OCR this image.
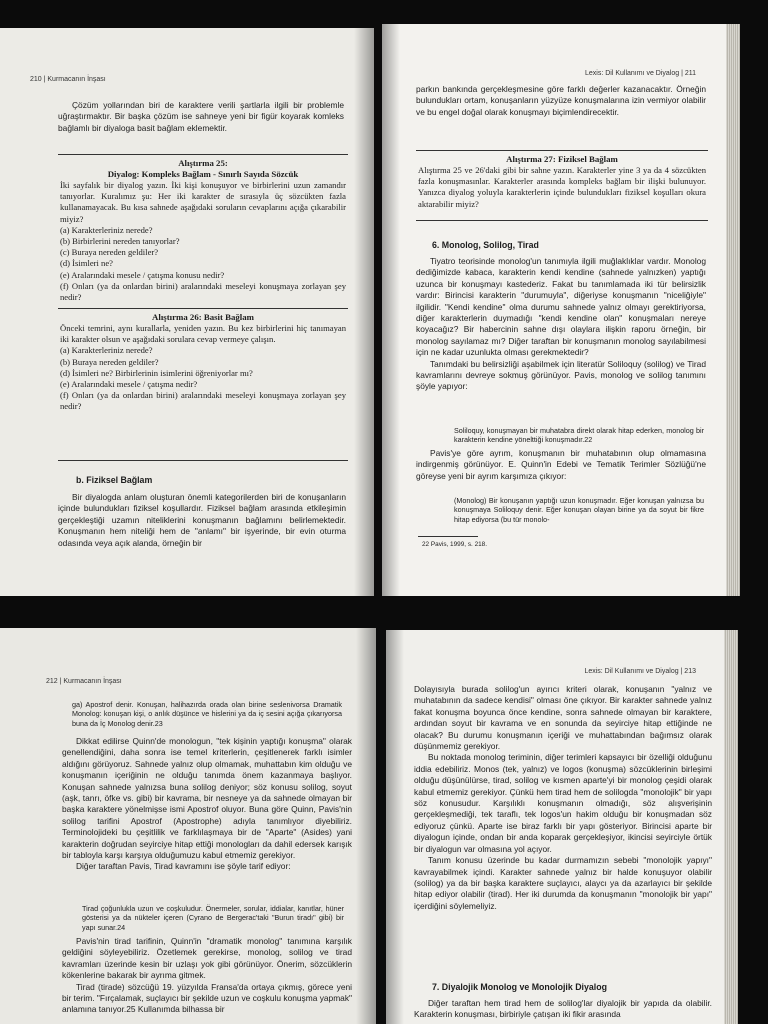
210 | Kurmacanın İnşası

Çözüm yollarından biri de karaktere verili şartlarla ilgili bir problemle uğraştırmaktır. Bir başka çözüm ise sahneye yeni bir figür koyarak komleks bağlamlı bir diyaloga basit bağlam eklemektir.

Alıştırma 25:
Diyalog: Kompleks Bağlam - Sınırlı Sayıda Sözcük

İki sayfalık bir diyalog yazın. İki kişi konuşuyor ve birbirlerini uzun zamandır tanıyorlar. Kuralımız şu: Her iki karakter de sırasıyla üç sözcükten fazla kullanamayacak. Bu kısa sahnede aşağıdaki soruların cevaplarını açığa çıkarabilir miyiz?

(a) Karakterleriniz nerede?
(b) Birbirlerini nereden tanıyorlar?
(c) Buraya nereden geldiler?
(d) İsimleri ne?
(e) Aralarındaki mesele / çatışma konusu nedir?
(f) Onları (ya da onlardan birini) aralarındaki meseleyi konuşmaya zorlayan şey nedir?
Alıştırma 26: Basit Bağlam

Önceki temrini, aynı kurallarla, yeniden yazın. Bu kez birbirlerini hiç tanımayan iki karakter olsun ve aşağıdaki sorulara cevap vermeye çalışın.

(a) Karakterleriniz nerede?
(b) Buraya nereden geldiler?
(d) İsimleri ne? Birbirlerinin isimlerini öğreniyorlar mı?
(e) Aralarındaki mesele / çatışma nedir?
(f) Onları (ya da onlardan birini) aralarındaki meseleyi konuşmaya zorlayan şey nedir?
b. Fiziksel Bağlam

Bir diyalogda anlam oluşturan önemli kategorilerden biri de konuşanların içinde bulundukları fiziksel koşullardır. Fiziksel bağlam arasında etkileşimin gerçekleştiği uzamın niteliklerini konuşmanın bağlamını belirlemektedir. Konuşmanın hem niteliği hem de "anlamı" bir işyerinde, bir evin oturma odasında veya açık alanda, örneğin bir

Lexis: Dil Kullanımı ve Diyalog | 211

parkın bankında gerçekleşmesine göre farklı değerler kazanacaktır. Örneğin bulundukları ortam, konuşanların yüzyüze konuşmalarına izin vermiyor olabilir ve bu engel doğal olarak konuşmayı biçimlendirecektir.

Alıştırma 27: Fiziksel Bağlam

Alıştırma 25 ve 26'daki gibi bir sahne yazın. Karakterler yine 3 ya da 4 sözcükten fazla konuşmasınlar. Karakterler arasında kompleks bağlam bir ilişki bulunuyor. Yanızca diyalog yoluyla karakterlerin içinde bulundukları fiziksel koşulları okura aktarabilir miyiz?

6. Monolog, Solilog, Tirad

Tiyatro teorisinde monolog'un tanımıyla ilgili muğlaklıklar vardır. Monolog dediğimizde kabaca, karakterin kendi kendine (sahnede yalnızken) yaptığı uzunca bir konuşmayı kastederiz. Fakat bu tanımlamada iki tür belirsizlik vardır: Birincisi karakterin "durumuyla", diğeriyse konuşmanın "niceliğiyle" ilgilidir. "Kendi kendine" olma durumu sahnede yalnız olmayı gerektiriyorsa, diğer karakterlerin duymadığı "kendi kendine olan" konuşmaları nereye koyacağız? Bir habercinin sahne dışı olaylara ilişkin raporu örneğin, bir monolog sayılamaz mı? Diğer taraftan bir konuşmanın monolog sayılabilmesi için ne kadar uzunlukta olması gerekmektedir?

Tanımdaki bu belirsizliği aşabilmek için literatür Soliloquy (solilog) ve Tirad kavramlarını devreye sokmuş görünüyor. Pavis, monolog ve solilog tanımını şöyle yapıyor:

Soliloquy, konuşmayan bir muhatabra direkt olarak hitap ederken, monolog bir karakterin kendine yönelttiği konuşmadır.22

Pavis'ye göre ayrım, konuşmanın bir muhatabının olup olmamasına indirgenmiş görünüyor. E. Quinn'in Edebi ve Tematik Terimler Sözlüğü'ne göreyse yeni bir ayrım karşımıza çıkıyor:

(Monolog) Bir konuşanın yaptığı uzun konuşmadır. Eğer konuşan yalnızsa bu konuşmaya Soliloquy denir. Eğer konuşan olayan birine ya da soyut bir fikre hitap ediyorsa (bu tür monolo-
22 Pavis, 1999, s. 218.
212 | Kurmacanın İnşası
ga) Apostrof denir. Konuşan, halihazırda orada olan birine seslenivorsa Dramatik Monolog: konuşan kişi, o anlık düşünce ve hislerini ya da iç sesini açığa çıkarıyorsa buna da İç Monolog denir.23

Dikkat edilirse Quinn'de monologun, "tek kişinin yaptığı konuşma" olarak genellendiğini, daha sonra ise temel kriterlerin, çeşitlenerek farklı isimler aldığını görüyoruz. Sahnede yalnız olup olmamak, muhattabın kim olduğu ve konuşmanın içeriğinin ne olduğu tanımda önem kazanmaya başlıyor. Konuşan sahnede yalnızsa buna solilog deniyor; söz konusu solilog, soyut (aşk, tanrı, öfke vs. gibi) bir kavrama, bir nesneye ya da sahnede olmayan bir başka karaktere yönelmişse ismi Apostrof oluyor. Buna göre Quinn, Pavis'nin solilog tarifini Apostrof (Apostrophe) adıyla tanımlıyor diyebiliriz. Terminolojideki bu çeşitlilik ve farklılaşmaya bir de "Aparte" (Asides) yani karakterin doğrudan seyirciye hitap ettiği monologları da dahil edersek karışık bir tabloyla karşı karşıya olduğumuzu kabul etmemiz gerekiyor.

Diğer taraftan Pavis, Tirad kavramını ise şöyle tarif ediyor:

Tirad çoğunlukla uzun ve coşkuludur. Önermeler, sorular, iddialar, kanıtlar, hüner gösterisi ya da nükteler içeren (Cyrano de Bergerac'taki "Burun tiradı" gibi) bir yapı sunar.24

Pavis'nin tirad tarifinin, Quinn'in "dramatik monolog" tanımına karşılık geldiğini söyleyebiliriz. Özetlemek gerekirse, monolog, solilog ve tirad kavramları üzerinde kesin bir uzlaşı yok gibi görünüyor. Önerim, sözcüklerin kökenlerine bakarak bir ayrıma gitmek.

Tirad (tirade) sözcüğü 19. yüzyılda Fransa'da ortaya çıkmış, görece yeni bir terim. "Fırçalamak, suçlayıcı bir şekilde uzun ve coşkulu konuşma yapmak" anlamına tanıyor.25 Kullanımda bilhassa bir

Lexis: Dil Kullanımı ve Diyalog | 213

Dolayısıyla burada solilog'un ayırıcı kriteri olarak, konuşanın "yalnız ve muhatabının da sadece kendisi" olması öne çıkıyor. Bir karakter sahnede yalnız fakat konuşma boyunca önce kendine, sonra sahnede olmayan bir karaktere, ardından soyut bir kavrama ve en sonunda da seyirciye hitap ettiğinde ne olacak? Bu durumu konuşmanın içeriği ve muhattabından bağımsız olarak düşünmemiz gerekiyor.

Bu noktada monolog teriminin, diğer terimleri kapsayıcı bir özelliği olduğunu iddia edebiliriz. Monos (tek, yalnız) ve logos (konuşma) sözcüklerinin birleşimi olduğu düşünülürse, tirad, solilog ve kısmen aparte'yi bir monolog çeşidi olarak kabul etmemiz gerekiyor. Çünkü hem tirad hem de solilogda "monolojik" bir yapı söz konusudur. Karşılıklı konuşmanın olmadığı, söz alışverişinin gerçekleşmediği, tek taraflı, tek logos'un hakim olduğu bir konuşmadan söz ediyoruz çünkü. Aparte ise biraz farklı bir yapı gösteriyor. Birincisi aparte bir diyalogun içinde, ondan bir anda koparak gerçekleşiyor, ikincisi seyirciyle örtük bir diyalogun var olmasına yol açıyor.

Tanım konusu üzerinde bu kadar durmamızın sebebi "monolojik yapıyı" kavrayabilmek içindi. Karakter sahnede yalnız bir halde konuşuyor olabilir (solilog) ya da bir başka karaktere suçlayıcı, alaycı ya da azarlayıcı bir şekilde hitap ediyor olabilir (tirad). Her iki durumda da konuşmanın "monolojik bir yapı" içerdiğini söylemeliyiz.

7. Diyalojik Monolog ve Monolojik Diyalog

Diğer taraftan hem tirad hem de solilog'lar diyalojik bir yapıda da olabilir. Karakterin konuşması, birbiriyle çatışan iki fikir arasında
